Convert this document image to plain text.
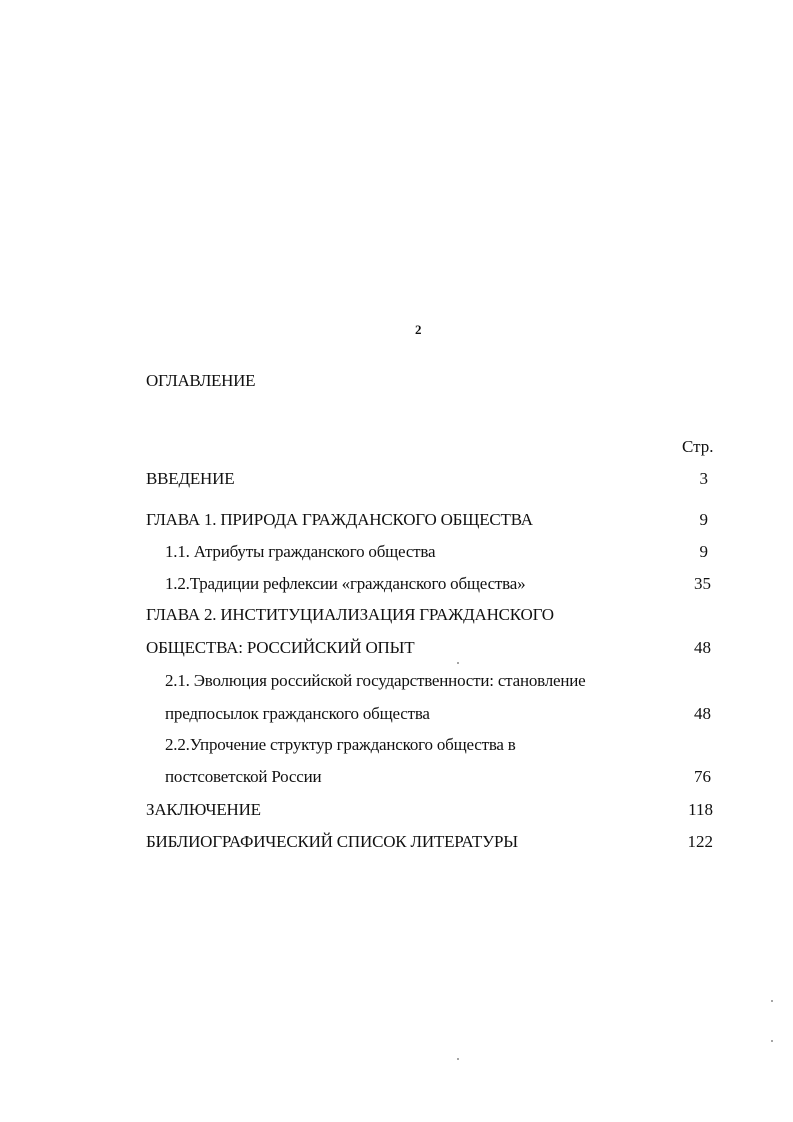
2
ОГЛАВЛЕНИЕ
Стр.
ВВЕДЕНИЕ	3
ГЛАВА 1. ПРИРОДА ГРАЖДАНСКОГО ОБЩЕСТВА	9
1.1. Атрибуты гражданского общества	9
1.2.Традиции рефлексии «гражданского общества»	35
ГЛАВА 2. ИНСТИТУЦИАЛИЗАЦИЯ ГРАЖДАНСКОГО
ОБЩЕСТВА: РОССИЙСКИЙ ОПЫТ	48
2.1. Эволюция российской государственности: становление
предпосылок гражданского общества	48
2.2.Упрочение структур гражданского общества в
постсоветской России	76
ЗАКЛЮЧЕНИЕ	118
БИБЛИОГРАФИЧЕСКИЙ СПИСОК ЛИТЕРАТУРЫ	122
